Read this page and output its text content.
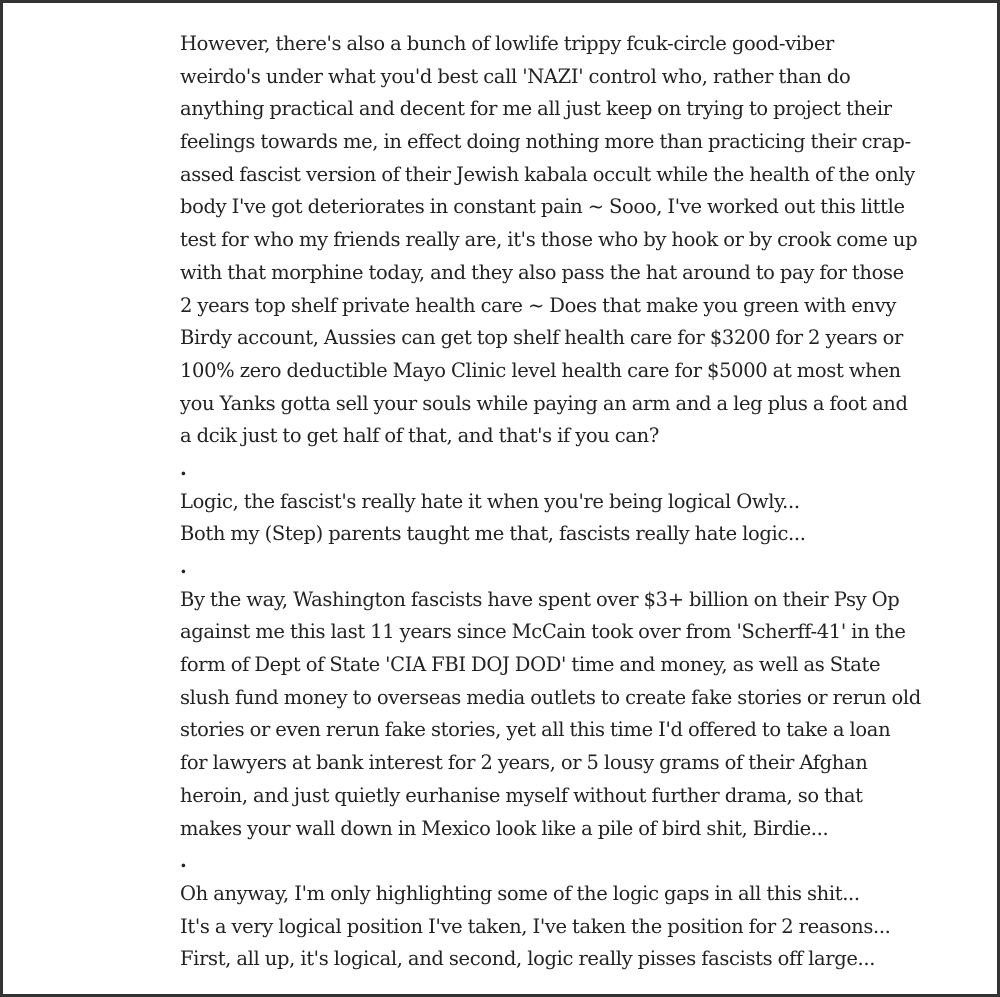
However, there's also a bunch of lowlife trippy fcuk-circle good-viber
weirdo's under what you'd best call 'NAZI' control who, rather than do
anything practical and decent for me all just keep on trying to project their
feelings towards me, in effect doing nothing more than practicing their crap-
assed fascist version of their Jewish kabala occult while the health of the only
body I've got deteriorates in constant pain ~ Sooo, I've worked out this little
test for who my friends really are, it's those who by hook or by crook come up
with that morphine today, and they also pass the hat around to pay for those
2 years top shelf private health care ~ Does that make you green with envy
Birdy account, Aussies can get top shelf health care for $3200 for 2 years or
100% zero deductible Mayo Clinic level health care for $5000 at most when
you Yanks gotta sell your souls while paying an arm and a leg plus a foot and
a dcik just to get half of that, and that's if you can?
.
Logic, the fascist's really hate it when you're being logical Owly...
Both my (Step) parents taught me that, fascists really hate logic...
.
By the way, Washington fascists have spent over $3+ billion on their Psy Op
against me this last 11 years since McCain took over from 'Scherff-41' in the
form of Dept of State 'CIA FBI DOJ DOD' time and money, as well as State
slush fund money to overseas media outlets to create fake stories or rerun old
stories or even rerun fake stories, yet all this time I'd offered to take a loan
for lawyers at bank interest for 2 years, or 5 lousy grams of their Afghan
heroin, and just quietly eurhanise myself without further drama, so that
makes your wall down in Mexico look like a pile of bird shit, Birdie...
.
Oh anyway, I'm only highlighting some of the logic gaps in all this shit...
It's a very logical position I've taken, I've taken the position for 2 reasons...
First, all up, it's logical, and second, logic really pisses fascists off large...
